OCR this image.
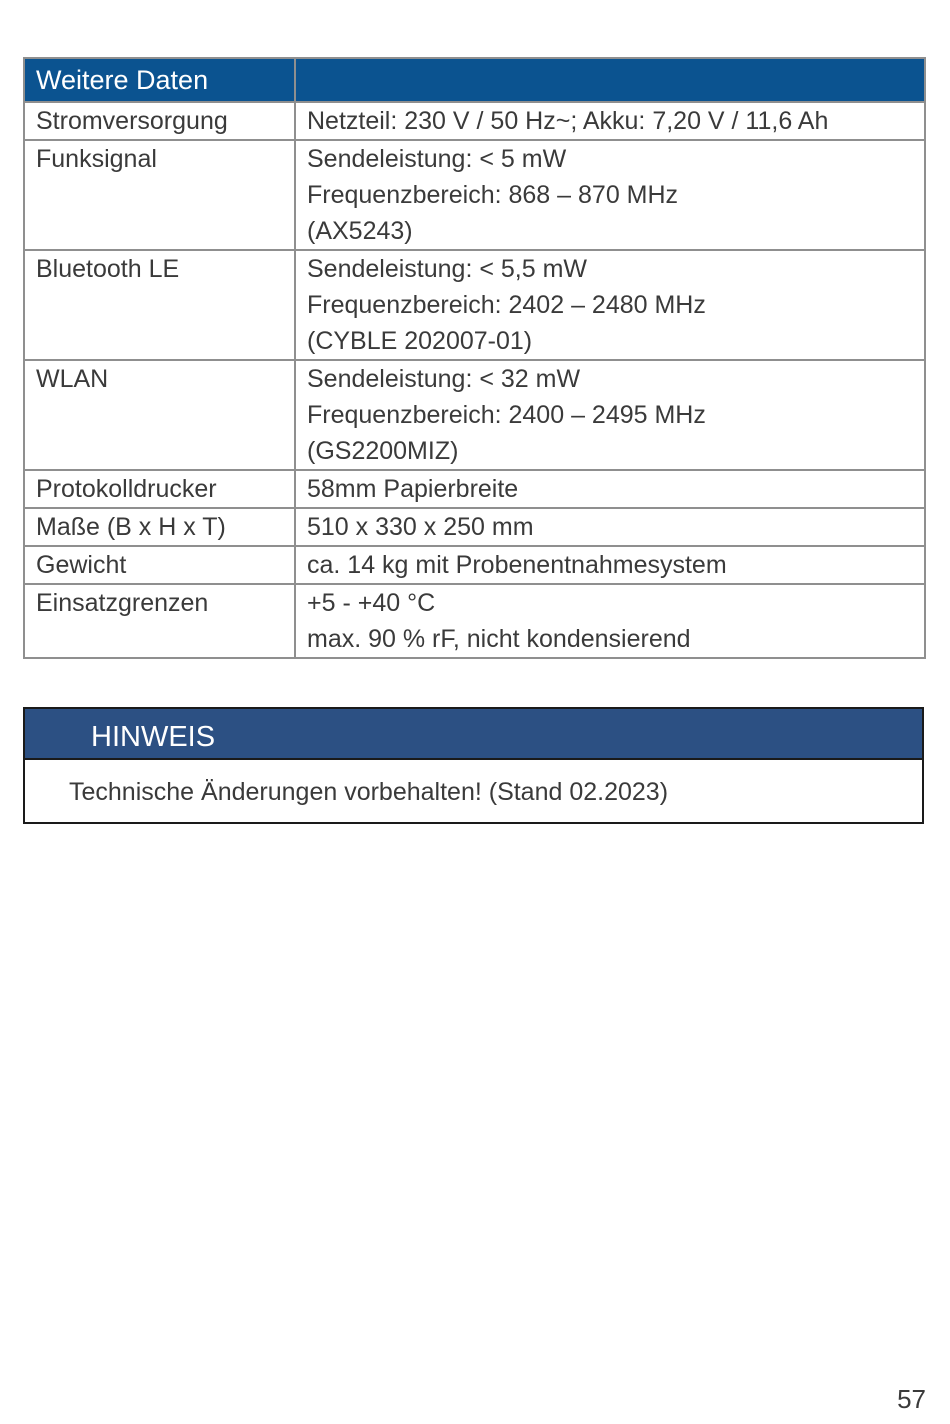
Weitere Daten	
Stromversorgung	Netzteil: 230 V / 50 Hz~; Akku: 7,20 V / 11,6 Ah

Funksignal	Sendeleistung: < 5 mW
Frequenzbereich: 868 – 870 MHz
(AX5243)

Bluetooth LE	Sendeleistung: < 5,5 mW
Frequenzbereich: 2402 – 2480 MHz
(CYBLE 202007-01)

WLAN	Sendeleistung: < 32 mW
Frequenzbereich: 2400 – 2495 MHz
(GS2200MIZ)

Protokolldrucker	58mm Papierbreite

Maße (B x H x T)	510 x 330 x 250 mm

Gewicht	ca. 14 kg mit Probenentnahmesystem

Einsatzgrenzen	+5 - +40 °C
max. 90 % rF, nicht kondensierend
HINWEIS
Technische Änderungen vorbehalten! (Stand 02.2023)
57
